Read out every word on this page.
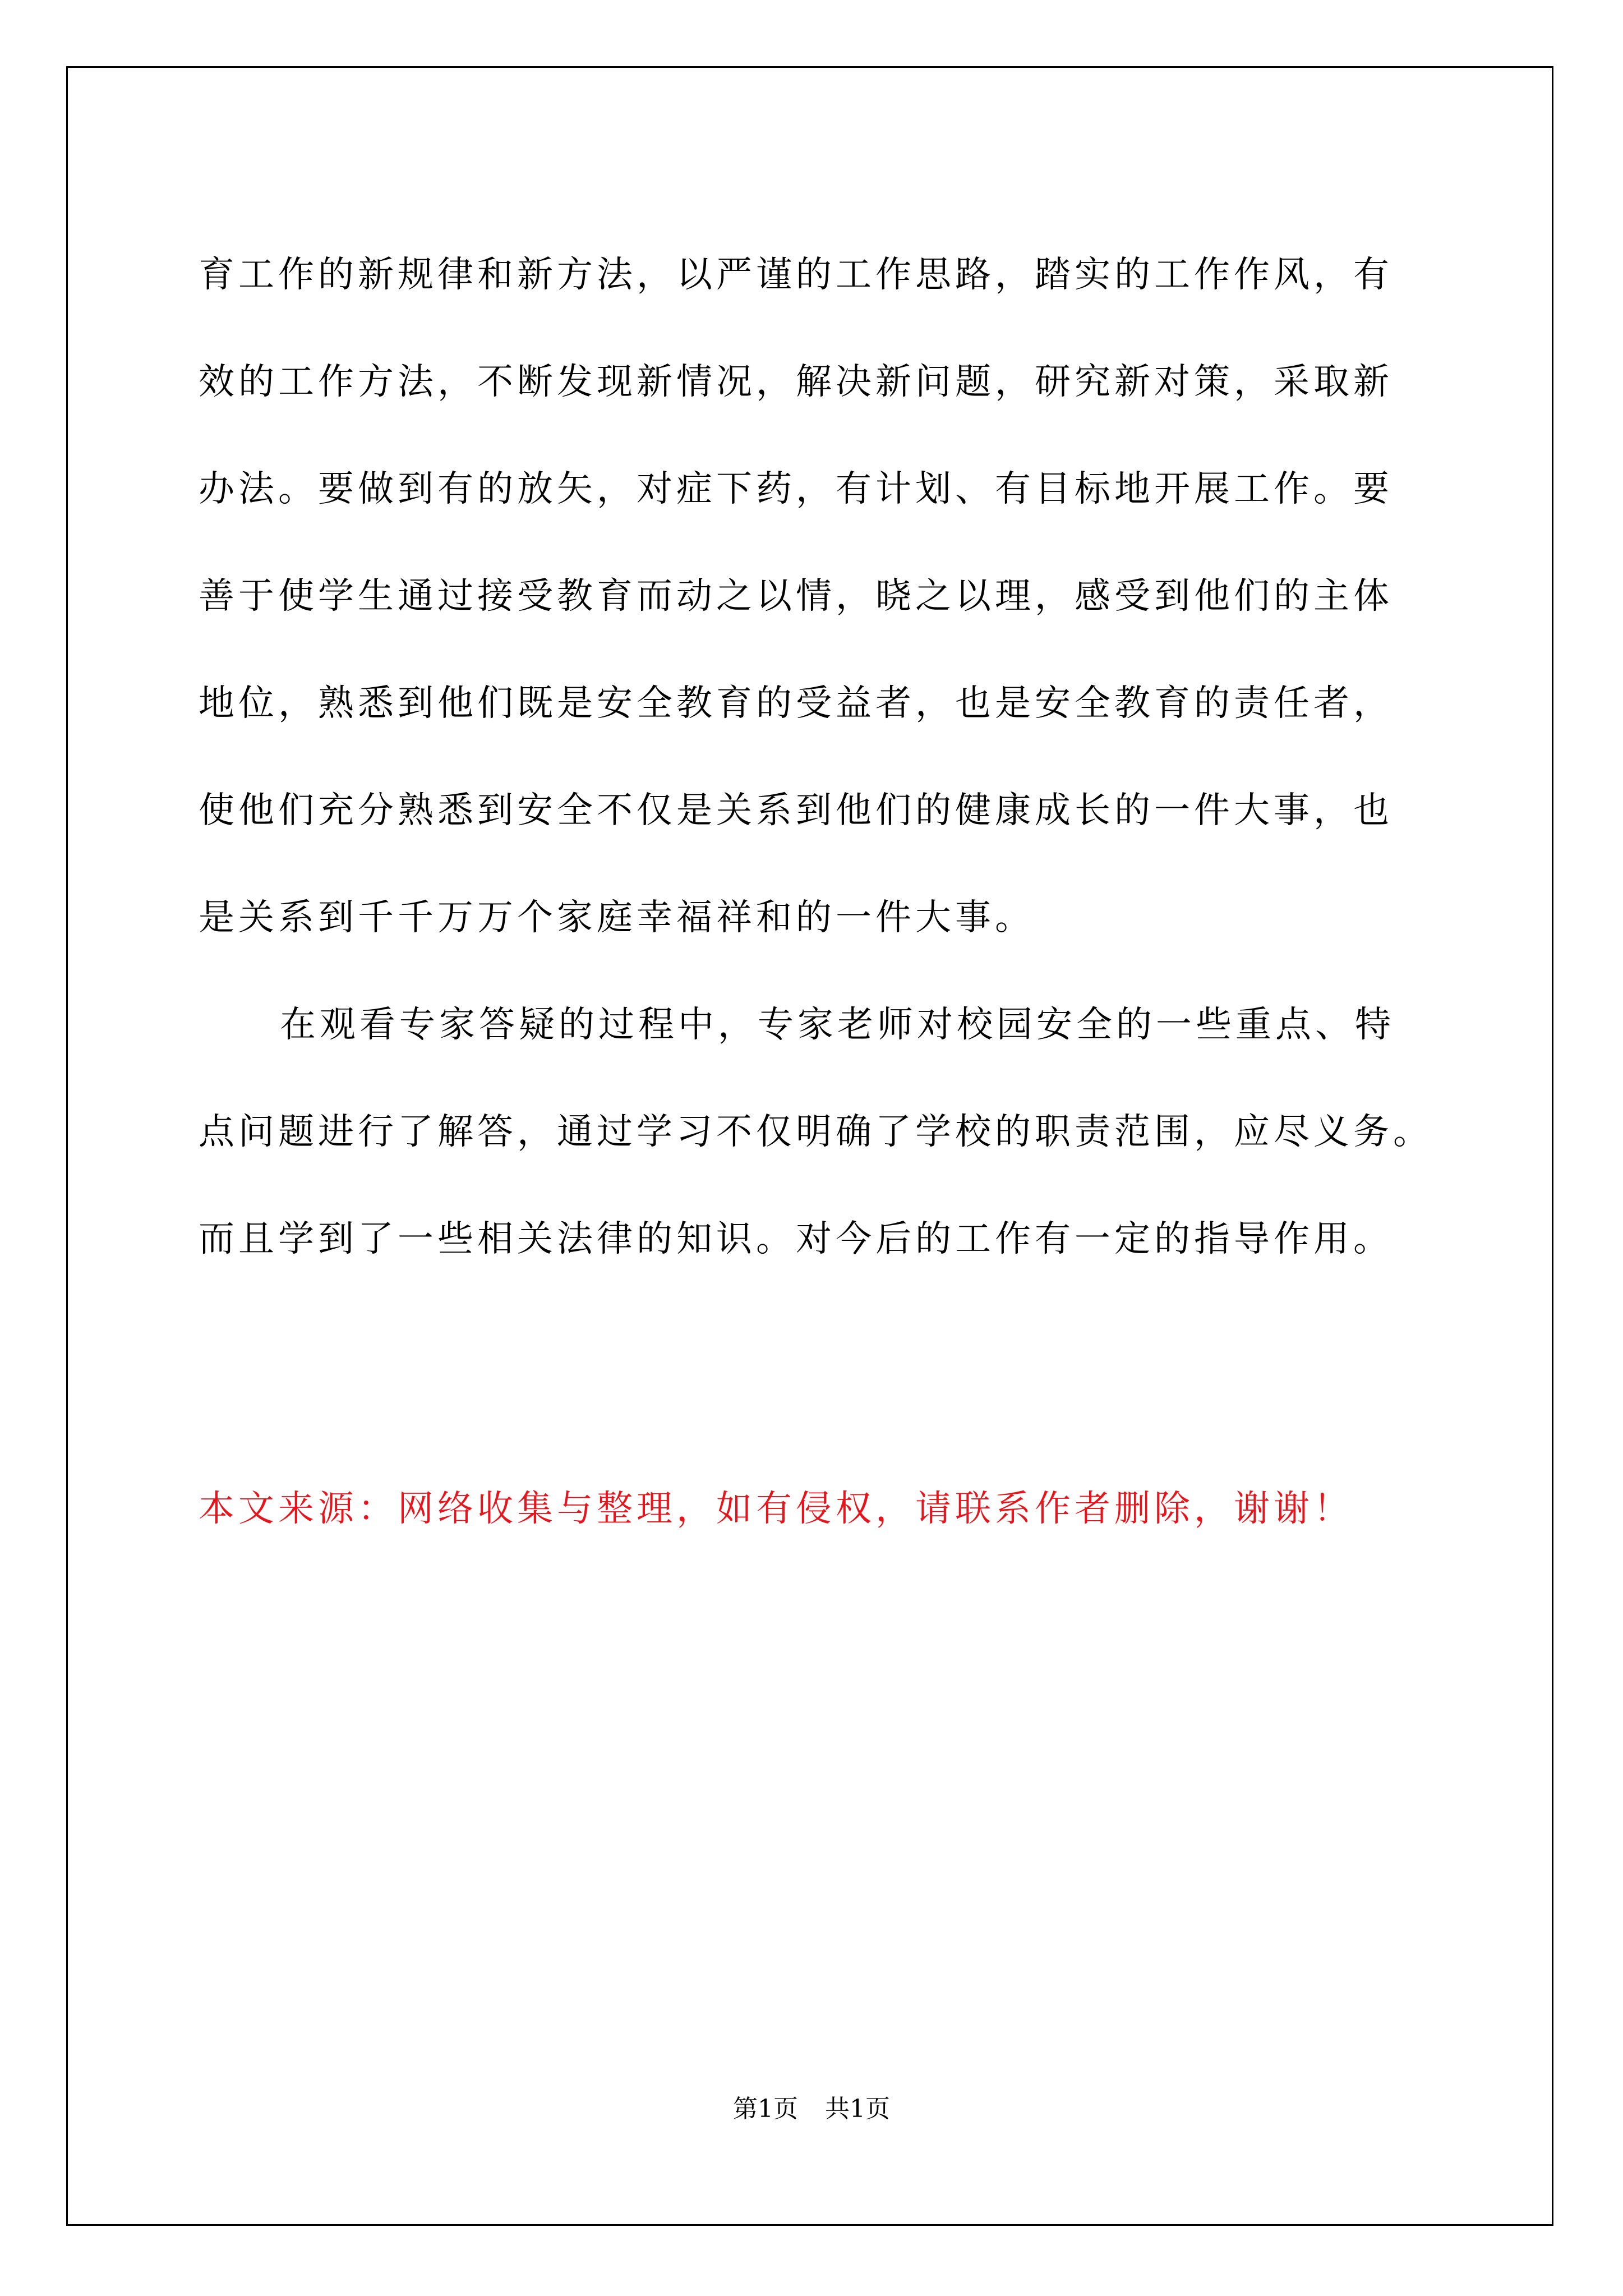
育工作的新规律和新方法，以严谨的工作思路，踏实的工作作风，有
效的工作方法，不断发现新情况，解决新问题，研究新对策，采取新
办法。要做到有的放矢，对症下药，有计划、有目标地开展工作。要
善于使学生通过接受教育而动之以情，晓之以理，感受到他们的主体
地位，熟悉到他们既是安全教育的受益者，也是安全教育的责任者，
使他们充分熟悉到安全不仅是关系到他们的健康成长的一件大事，也
是关系到千千万万个家庭幸福祥和的一件大事。
在观看专家答疑的过程中，专家老师对校园安全的一些重点、特
点问题进行了解答，通过学习不仅明确了学校的职责范围，应尽义务。
而且学到了一些相关法律的知识。对今后的工作有一定的指导作用。
本文来源：网络收集与整理，如有侵权，请联系作者删除，谢谢！
第1页 共1页
